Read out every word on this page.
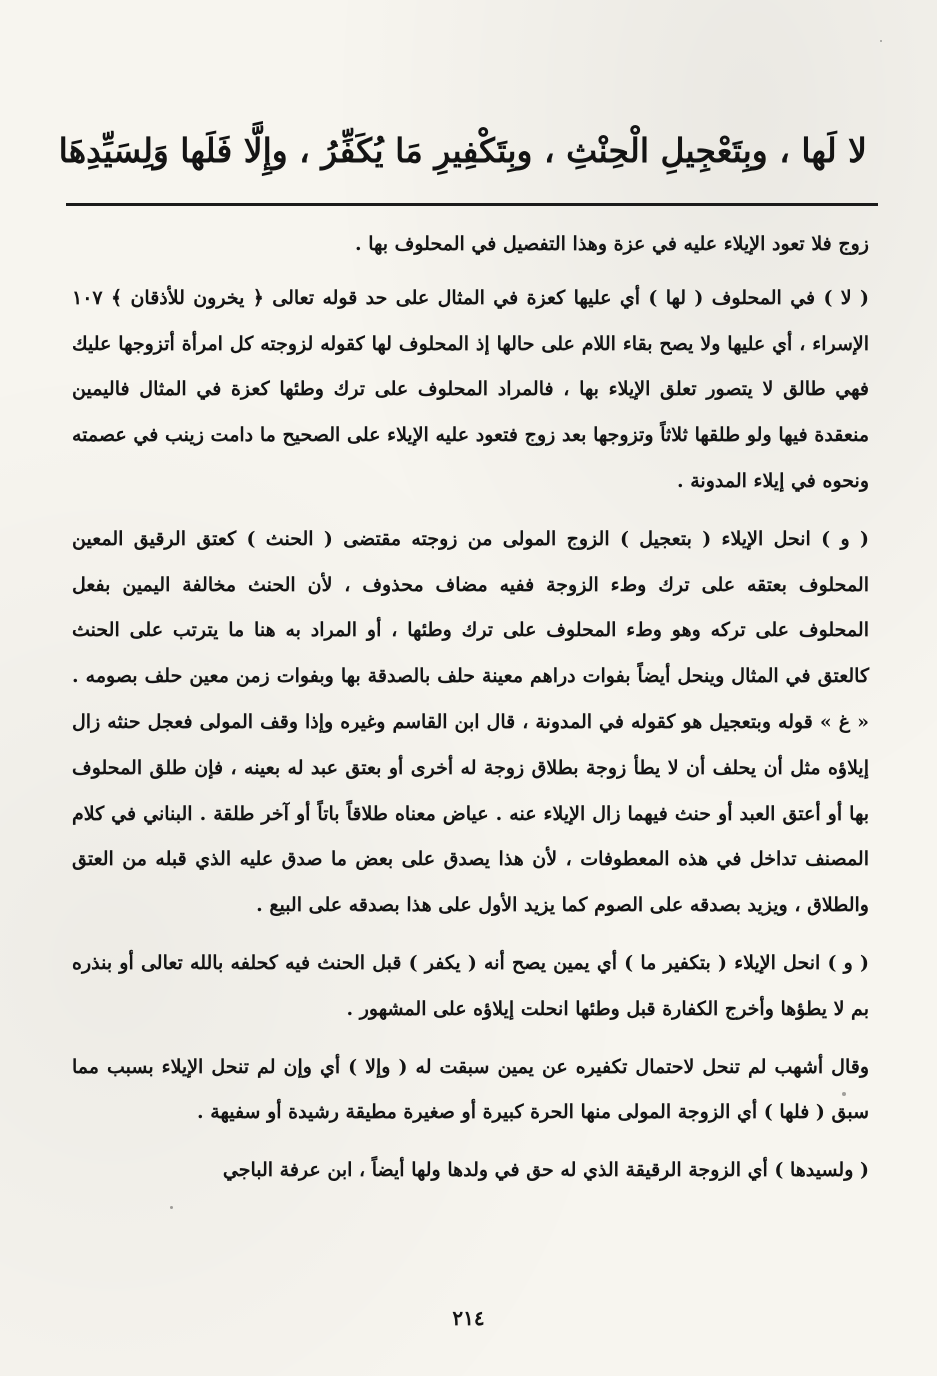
لا لَها ، وبِتَعْجِيلِ الْحِنْثِ ، وبِتَكْفِيرِ مَا يُكَفِّرُ ، وإِلَّا فَلَها وَلِسَيِّدِهَا

زوج فلا تعود الإيلاء عليه في عزة وهذا التفصيل في المحلوف بها .

( لا ) في المحلوف ( لها ) أي عليها كعزة في المثال على حد قوله تعالى ﴿ يخرون للأذقان ﴾ ١٠٧ الإسراء ، أي عليها ولا يصح بقاء اللام على حالها إذ المحلوف لها كقوله لزوجته كل امرأة أتزوجها عليك فهي طالق لا يتصور تعلق الإيلاء بها ، فالمراد المحلوف على ترك وطئها كعزة في المثال فاليمين منعقدة فيها ولو طلقها ثلاثاً وتزوجها بعد زوج فتعود عليه الإيلاء على الصحيح ما دامت زينب في عصمته ونحوه في إيلاء المدونة .

( و ) انحل الإيلاء ( بتعجيل ) الزوج المولى من زوجته مقتضى ( الحنث ) كعتق الرقيق المعين المحلوف بعتقه على ترك وطء الزوجة ففيه مضاف محذوف ، لأن الحنث مخالفة اليمين بفعل المحلوف على تركه وهو وطء المحلوف على ترك وطئها ، أو المراد به هنا ما يترتب على الحنث كالعتق في المثال وينحل أيضاً بفوات دراهم معينة حلف بالصدقة بها وبفوات زمن معين حلف بصومه . « غ » قوله وبتعجيل هو كقوله في المدونة ، قال ابن القاسم وغيره وإذا وقف المولى فعجل حنثه زال إيلاؤه مثل أن يحلف أن لا يطأ زوجة بطلاق زوجة له أخرى أو بعتق عبد له بعينه ، فإن طلق المحلوف بها أو أعتق العبد أو حنث فيهما زال الإيلاء عنه . عياض معناه طلاقاً باتاً أو آخر طلقة . البناني في كلام المصنف تداخل في هذه المعطوفات ، لأن هذا يصدق على بعض ما صدق عليه الذي قبله من العتق والطلاق ، ويزيد بصدقه على الصوم كما يزيد الأول على هذا بصدقه على البيع .

( و ) انحل الإيلاء ( بتكفير ما ) أي يمين يصح أنه ( يكفر ) قبل الحنث فيه كحلفه بالله تعالى أو بنذره بم لا يطؤها وأخرج الكفارة قبل وطئها انحلت إيلاؤه على المشهور .

وقال أشهب لم تنحل لاحتمال تكفيره عن يمين سبقت له ( وإلا ) أي وإن لم تنحل الإيلاء بسبب مما سبق ( فلها ) أي الزوجة المولى منها الحرة كبيرة أو صغيرة مطيقة رشيدة أو سفيهة .

( ولسيدها ) أي الزوجة الرقيقة الذي له حق في ولدها ولها أيضاً ، ابن عرفة الباجي

٢١٤
